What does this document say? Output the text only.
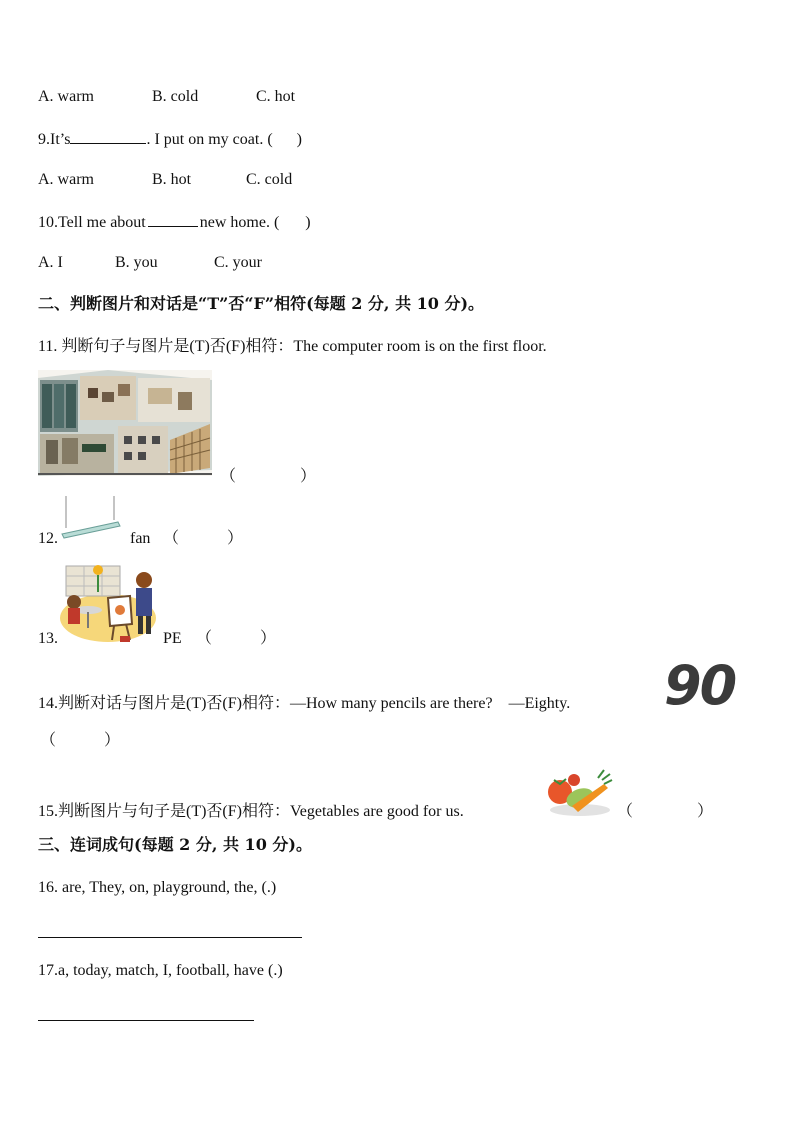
A. warm	B. cold	C. hot
9.It’s	. I put on my coat. ( )
A. warm	B. hot	C. cold
10.Tell me about	new home. ( )
A. I	B. you	C. your
二、判断图片和对话是“T”否“F”相符(每题 2 分, 共 10 分)。
11. 判断句子与图片是(T)否(F)相符：The computer room is on the first floor.
（　　　　）
12.	fan （　　　）
13.	PE （　　　）
14.判断对话与图片是(T)否(F)相符：—How many pencils are there?　—Eighty. 90
（　　　）
15.判断图片与句子是(T)否(F)相符：Vegetables are good for us.	（　　　　）
三、连词成句(每题 2 分, 共 10 分)。
16. are, They, on, playground, the, (.)
17.a, today, match, I, football, have (.)
